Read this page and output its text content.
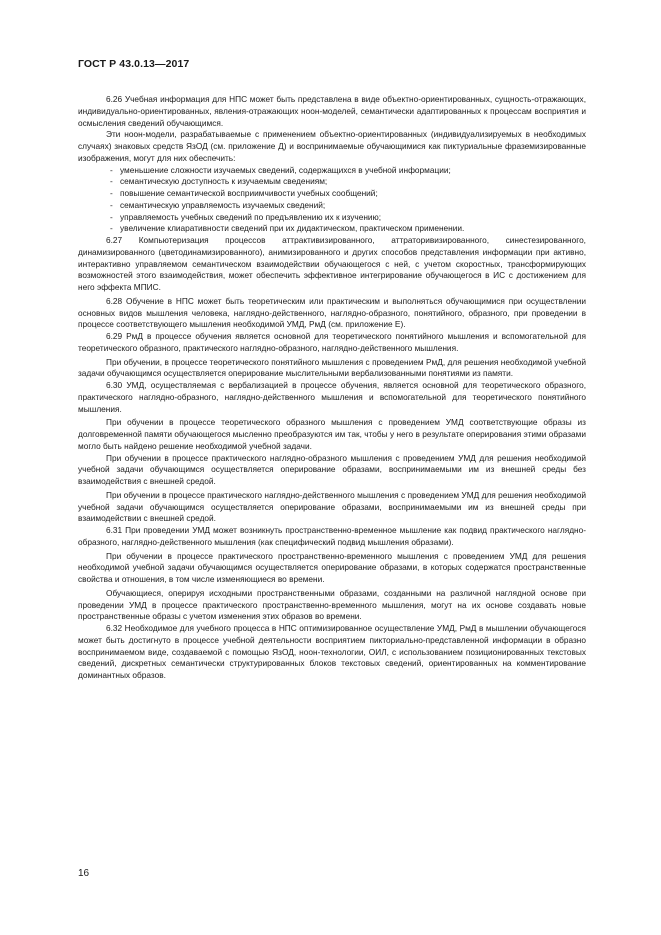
ГОСТ Р 43.0.13—2017

6.26 Учебная информация для НПС может быть представлена в виде объектно-ориентированных, сущность-отражающих, индивидуально-ориентированных, явления-отражающих ноон-моделей, семантически адаптированных к процессам восприятия и осмысления сведений обучающимся.

Эти ноон-модели, разрабатываемые с применением объектно-ориентированных (индивидуализируемых в необходимых случаях) знаковых средств ЯзОД (см. приложение Д) и воспринимаемые обучающимися как пиктуриальные фраземизированные изображения, могут для них обеспечить:

- уменьшение сложности изучаемых сведений, содержащихся в учебной информации;
- семантическую доступность к изучаемым сведениям;
- повышение семантической восприимчивости учебных сообщений;
- семантическую управляемость изучаемых сведений;
- управляемость учебных сведений по предъявлению их к изучению;
- увеличение клиаративности сведений при их дидактическом, практическом применении.

6.27 Компьютеризация процессов аттрактивизированного, аттраторивизированного, синестезированного, динамизированного (цветодинамизированного), анимизированного и других способов представления информации при активно, интерактивно управляемом семантическом взаимодействии обучающегося с ней, с учетом скоростных, трансформирующих возможностей этого взаимодействия, может обеспечить эффективное интегрирование обучающегося в ИС с достижением для него эффекта МПИС.

6.28 Обучение в НПС может быть теоретическим или практическим и выполняться обучающимися при осуществлении основных видов мышления человека, наглядно-действенного, наглядно-образного, понятийного, образного, при проведении в процессе соответствующего мышления необходимой УМД, РмД (см. приложение Е).

6.29 РмД в процессе обучения является основной для теоретического понятийного мышления и вспомогательной для теоретического образного, практического наглядно-образного, наглядно-действенного мышления.

При обучении, в процессе теоретического понятийного мышления с проведением РмД, для решения необходимой учебной задачи обучающимся осуществляется оперирование мыслительными вербализованными понятиями из памяти.

6.30 УМД, осуществляемая с вербализацией в процессе обучения, является основной для теоретического образного, практического наглядно-образного, наглядно-действенного мышления и вспомогательной для теоретического понятийного мышления.

При обучении в процессе теоретического образного мышления с проведением УМД соответствующие образы из долговременной памяти обучающегося мысленно преобразуются им так, чтобы у него в результате оперирования этими образами могло быть найдено решение необходимой учебной задачи.

При обучении в процессе практического наглядно-образного мышления с проведением УМД для решения необходимой учебной задачи обучающимся осуществляется оперирование образами, воспринимаемыми им из внешней среды без взаимодействия с внешней средой.

При обучении в процессе практического наглядно-действенного мышления с проведением УМД для решения необходимой учебной задачи обучающимся осуществляется оперирование образами, воспринимаемыми им из внешней среды при взаимодействии с внешней средой.

6.31 При проведении УМД может возникнуть пространственно-временное мышление как подвид практического наглядно-образного, наглядно-действенного мышления (как специфический подвид мышления образами).

При обучении в процессе практического пространственно-временного мышления с проведением УМД для решения необходимой учебной задачи обучающимся осуществляется оперирование образами, в которых содержатся пространственные свойства и отношения, в том числе изменяющиеся во времени.

Обучающиеся, оперируя исходными пространственными образами, созданными на различной наглядной основе при проведении УМД в процессе практического пространственно-временного мышления, могут на их основе создавать новые пространственные образы с учетом изменения этих образов во времени.

6.32 Необходимое для учебного процесса в НПС оптимизированное осуществление УМД, РмД в мышлении обучающегося может быть достигнуто в процессе учебной деятельности восприятием пикториально-представленной информации в образно воспринимаемом виде, создаваемой с помощью ЯзОД, ноон-технологии, ОИЛ, с использованием позиционированных текстовых сведений, дискретных семантически структурированных блоков текстовых сведений, ориентированных на комментирование доминантных образов.

16
